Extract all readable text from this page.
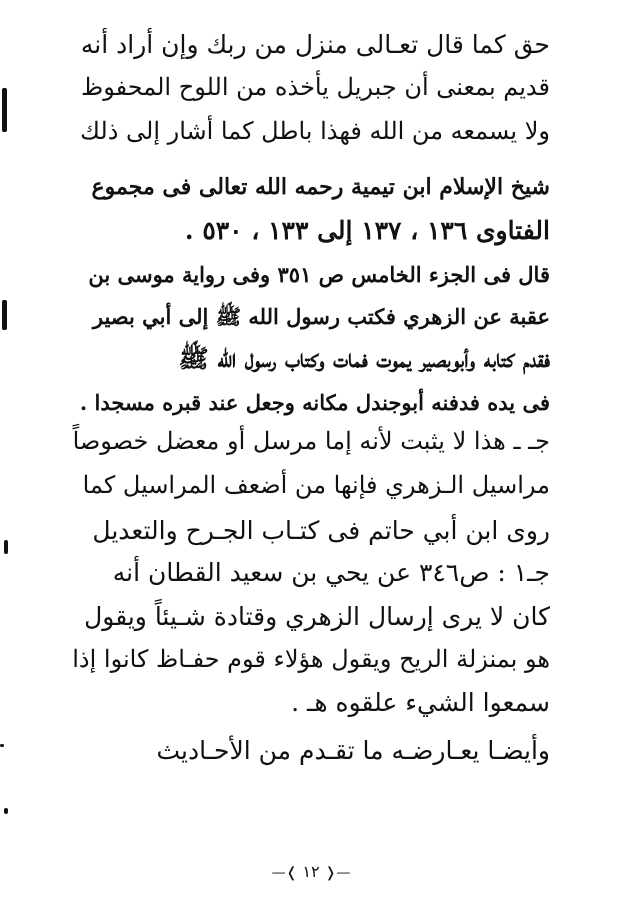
حق كما قال تعـالى منزل من ربك وإن أراد أنه
قديم بمعنى أن جبريل يأخذه من اللوح المحفوظ
ولا يسمعه من الله فهذا باطل كما أشار إلى ذلك
شيخ الإسلام ابن تيمية رحمه الله تعالى فى مجموع
الفتاوى ١٣٦ ، ١٣٧ إلى ١٣٣ ، ٥٣٠ .
قال فى الجزء الخامس ص ٣٥١ وفى رواية موسى بن
عقبة عن الزهري فكتب رسول الله ﷺ إلى أبي بصير
فقدم كتابه وأبوبصير يموت فمات وكتاب رسول الله ﷺ
فى يده فدفنه أبوجندل مكانه وجعل عند قبره مسجدا .
جـ ـ هذا لا يثبت لأنه إما مرسل أو معضل خصوصاً
مراسيل الـزهري فإنها من أضعف المراسيل كما
روى ابن أبي حاتم فى كتـاب الجـرح والتعديل
جـ١ : ص٣٤٦ عن يحي بن سعيد القطان أنه
كان لا يرى إرسال الزهري وقتادة شـيئاً ويقول
هو بمنزلة الريح ويقول هؤلاء قوم حفـاظ كانوا إذا
سمعوا الشيء علقوه هـ .
وأيضـا يعـارضـه ما تقـدم من الأحـاديث
—❬ ١٢ ❭—
